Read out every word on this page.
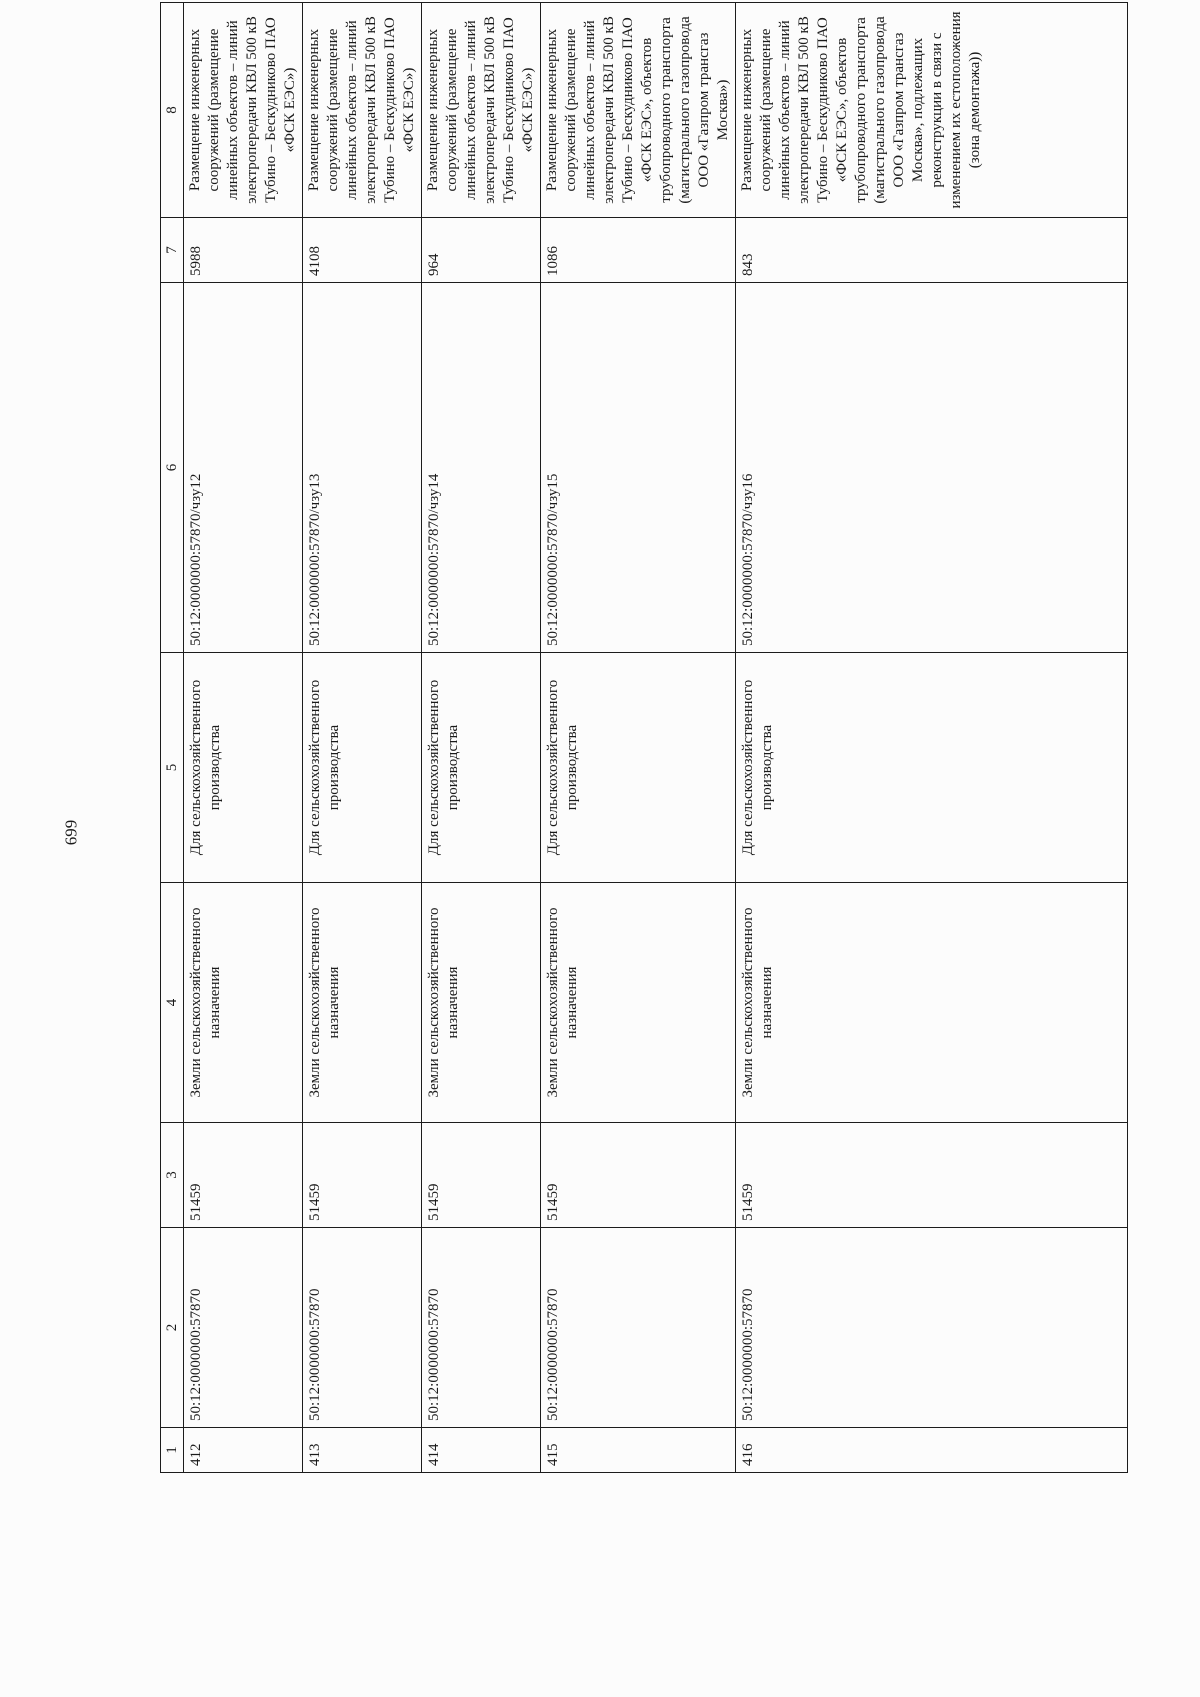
699
1	2	3	4	5	6	7	8
412	50:12:0000000:57870	51459	Земли сельскохозяйственного назначения	Для сельскохозяйственного производства	50:12:0000000:57870/чзу12	5988	Размещение инженерных сооружений (размещение линейных объектов – линий электропередачи КВЛ 500 кВ Тубино – Бескудниково ПАО «ФСК ЕЭС»)
413	50:12:0000000:57870	51459	Земли сельскохозяйственного назначения	Для сельскохозяйственного производства	50:12:0000000:57870/чзу13	4108	Размещение инженерных сооружений (размещение линейных объектов – линий электропередачи КВЛ 500 кВ Тубино – Бескудниково ПАО «ФСК ЕЭС»)
414	50:12:0000000:57870	51459	Земли сельскохозяйственного назначения	Для сельскохозяйственного производства	50:12:0000000:57870/чзу14	964	Размещение инженерных сооружений (размещение линейных объектов – линий электропередачи КВЛ 500 кВ Тубино – Бескудниково ПАО «ФСК ЕЭС»)
415	50:12:0000000:57870	51459	Земли сельскохозяйственного назначения	Для сельскохозяйственного производства	50:12:0000000:57870/чзу15	1086	Размещение инженерных сооружений (размещение линейных объектов – линий электропередачи КВЛ 500 кВ Тубино – Бескудниково ПАО «ФСК ЕЭС», объектов трубопроводного транспорта (магистрального газопровода ООО «Газпром трансгаз Москва»)
416	50:12:0000000:57870	51459	Земли сельскохозяйственного назначения	Для сельскохозяйственного производства	50:12:0000000:57870/чзу16	843	Размещение инженерных сооружений (размещение линейных объектов – линий электропередачи КВЛ 500 кВ Тубино – Бескудниково ПАО «ФСК ЕЭС», объектов трубопроводного транспорта (магистрального газопровода ООО «Газпром трансгаз Москва», подлежащих реконструкции в связи с изменением их естоположения (зона демонтажа))
